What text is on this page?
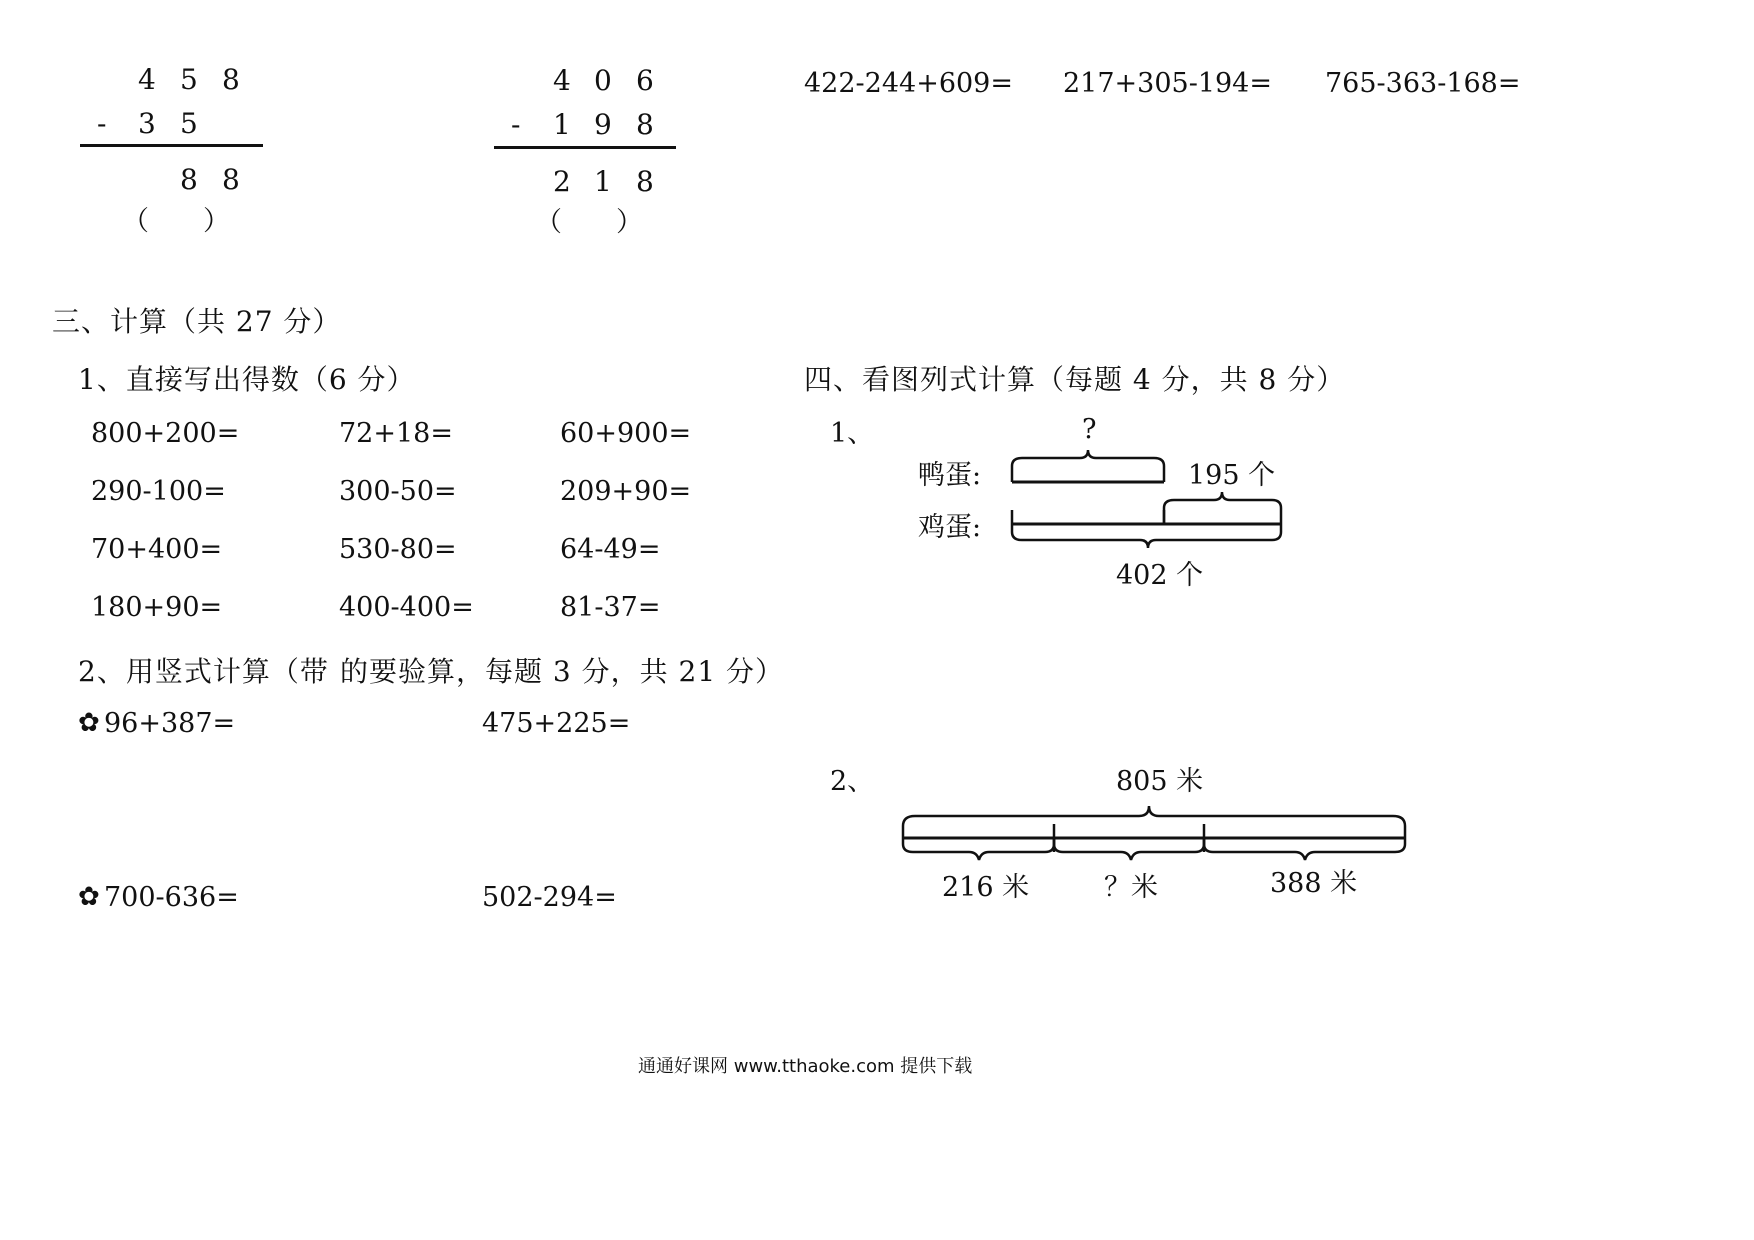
4 5 8
- 3 5
8 8
（　　）
4 0 6
- 1 9 8
2 1 8
（　　）
422-244+609= 217+305-194= 765-363-168=
三、计算（共 27 分）
1、直接写出得数（6 分）
800+200=	72+18=	60+900=
290-100=	300-50=	209+90=
70+400=	530-80=	64-49=
180+90=	400-400=	81-37=
2、用竖式计算（带 的要验算，每题 3 分，共 21 分）
✿ 96+387=	475+225=
✿ 700-636=	502-294=
四、看图列式计算（每题 4 分，共 8 分）
1、	?
鸭蛋:	195 个
鸡蛋:
402 个
2、	805 米
216 米	？米	388 米
通通好课网 www.tthaoke.com 提供下载
